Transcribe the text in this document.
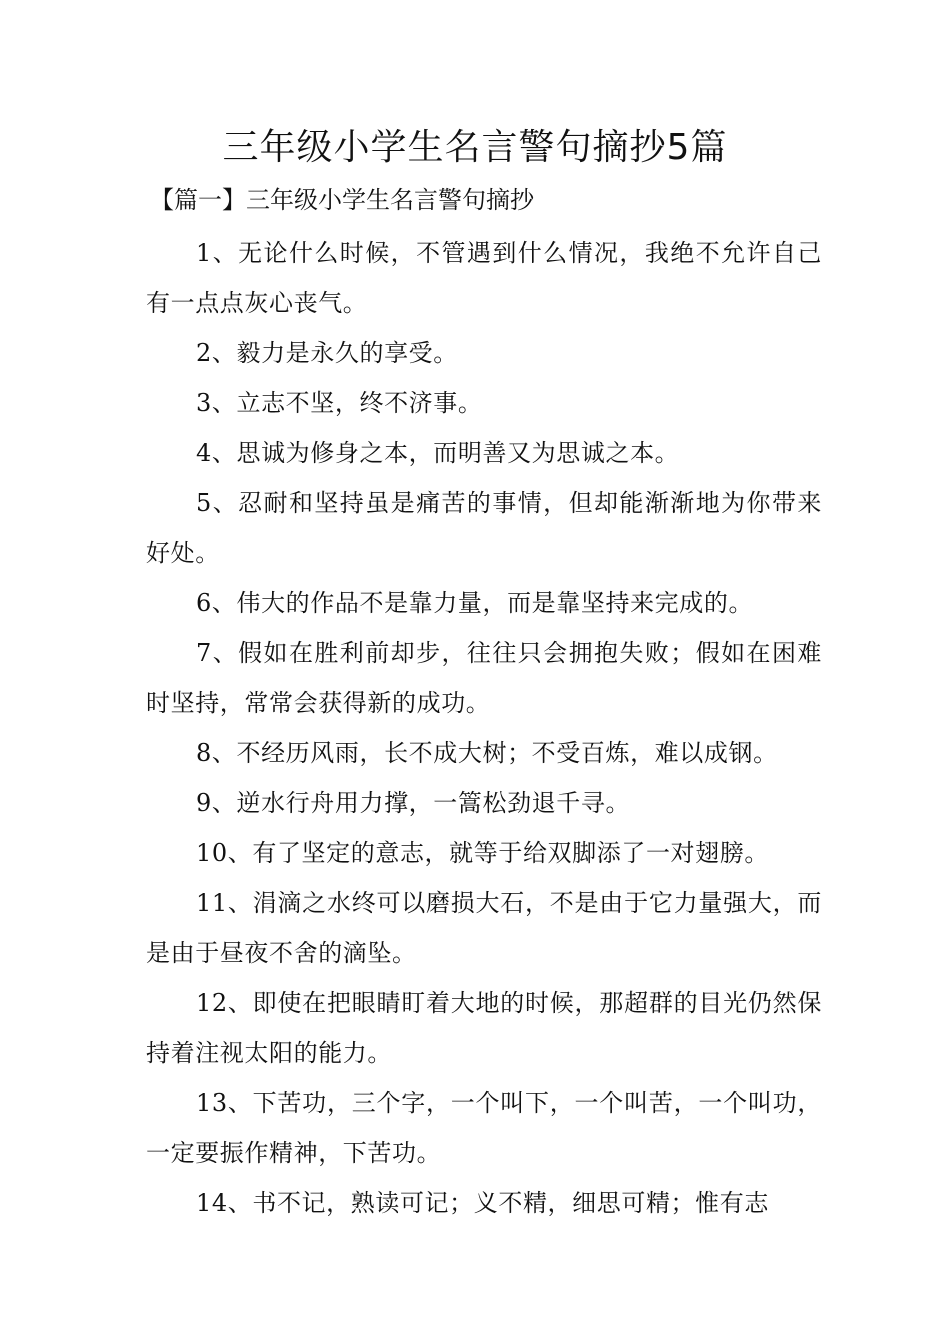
三年级小学生名言警句摘抄5篇
【篇一】三年级小学生名言警句摘抄

1、无论什么时候，不管遇到什么情况，我绝不允许自己有一点点灰心丧气。

2、毅力是永久的享受。

3、立志不坚，终不济事。

4、思诚为修身之本，而明善又为思诚之本。

5、忍耐和坚持虽是痛苦的事情，但却能渐渐地为你带来好处。

6、伟大的作品不是靠力量，而是靠坚持来完成的。

7、假如在胜利前却步，往往只会拥抱失败；假如在困难时坚持，常常会获得新的成功。

8、不经历风雨，长不成大树；不受百炼，难以成钢。

9、逆水行舟用力撑，一篙松劲退千寻。

10、有了坚定的意志，就等于给双脚添了一对翅膀。

11、涓滴之水终可以磨损大石，不是由于它力量强大，而是由于昼夜不舍的滴坠。

12、即使在把眼睛盯着大地的时候，那超群的目光仍然保持着注视太阳的能力。

13、下苦功，三个字，一个叫下，一个叫苦，一个叫功，一定要振作精神，下苦功。

14、书不记，熟读可记；义不精，细思可精；惟有志
